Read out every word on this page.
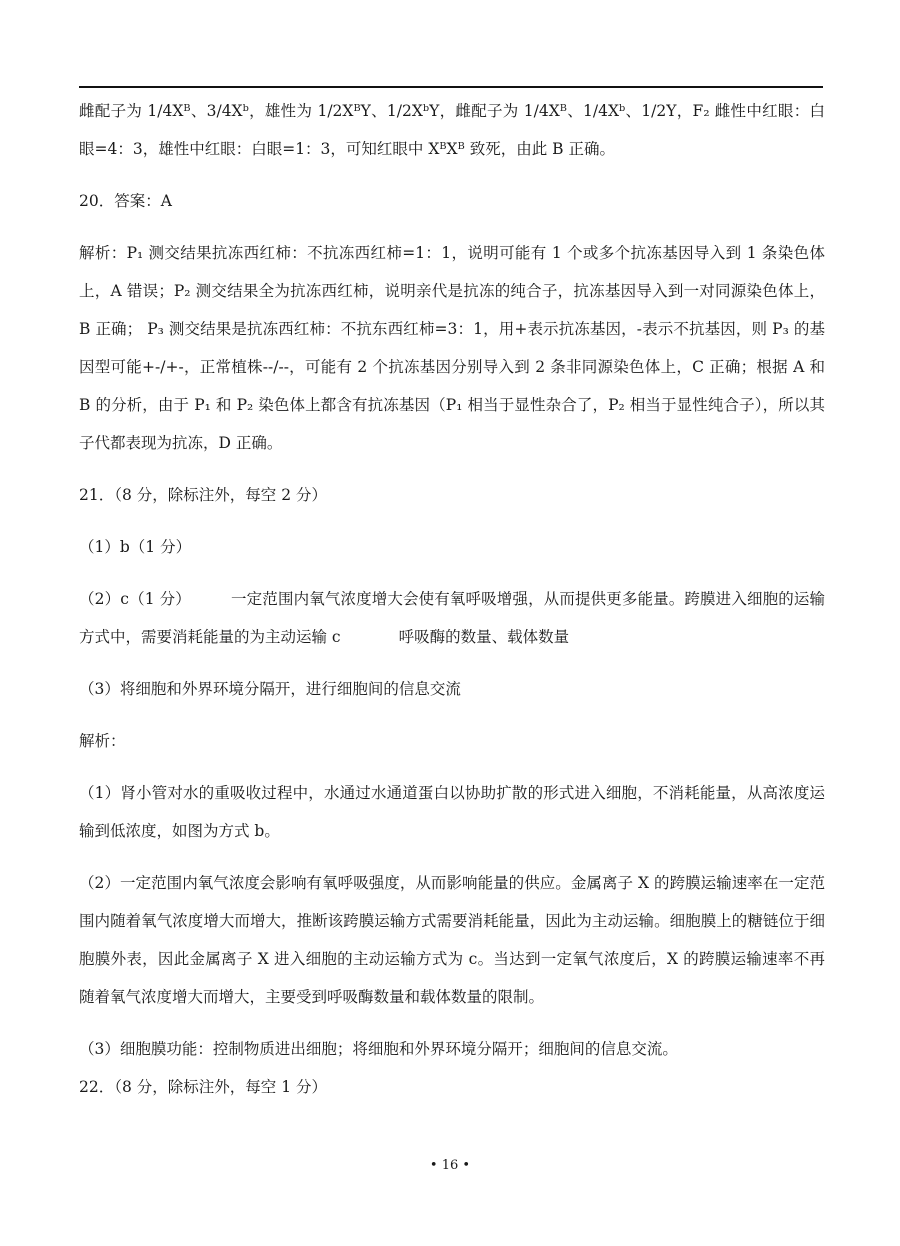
雌配子为 1/4Xᴮ、3/4Xᵇ，雄性为 1/2XᴮY、1/2XᵇY，雌配子为 1/4Xᴮ、1/4Xᵇ、1/2Y，F₂ 雌性中红眼：白眼=4：3，雄性中红眼：白眼=1：3，可知红眼中 XᴮXᴮ 致死，由此 B 正确。

20．答案：A

解析：P₁ 测交结果抗冻西红柿：不抗冻西红柿=1：1，说明可能有 1 个或多个抗冻基因导入到 1 条染色体上，A 错误；P₂ 测交结果全为抗冻西红柿，说明亲代是抗冻的纯合子，抗冻基因导入到一对同源染色体上，B 正确； P₃ 测交结果是抗冻西红柿：不抗东西红柿=3：1，用+表示抗冻基因，-表示不抗基因，则 P₃ 的基因型可能+-/+-，正常植株--/--，可能有 2 个抗冻基因分别导入到 2 条非同源染色体上，C 正确；根据 A 和 B 的分析，由于 P₁ 和 P₂ 染色体上都含有抗冻基因（P₁ 相当于显性杂合了，P₂ 相当于显性纯合子），所以其子代都表现为抗冻，D 正确。

21．（8 分，除标注外，每空 2 分）

（1）b（1 分）

（2）c（1 分）	一定范围内氧气浓度增大会使有氧呼吸增强，从而提供更多能量。跨膜进入细胞的运输方式中，需要消耗能量的为主动运输 c	呼吸酶的数量、载体数量

（3）将细胞和外界环境分隔开，进行细胞间的信息交流

解析：

（1）肾小管对水的重吸收过程中，水通过水通道蛋白以协助扩散的形式进入细胞，不消耗能量，从高浓度运输到低浓度，如图为方式 b。

（2）一定范围内氧气浓度会影响有氧呼吸强度，从而影响能量的供应。金属离子 X 的跨膜运输速率在一定范围内随着氧气浓度增大而增大，推断该跨膜运输方式需要消耗能量，因此为主动运输。细胞膜上的糖链位于细胞膜外表，因此金属离子 X 进入细胞的主动运输方式为 c。当达到一定氧气浓度后，X 的跨膜运输速率不再随着氧气浓度增大而增大，主要受到呼吸酶数量和载体数量的限制。

（3）细胞膜功能：控制物质进出细胞；将细胞和外界环境分隔开；细胞间的信息交流。

22．（8 分，除标注外，每空 1 分）

• 16 •
